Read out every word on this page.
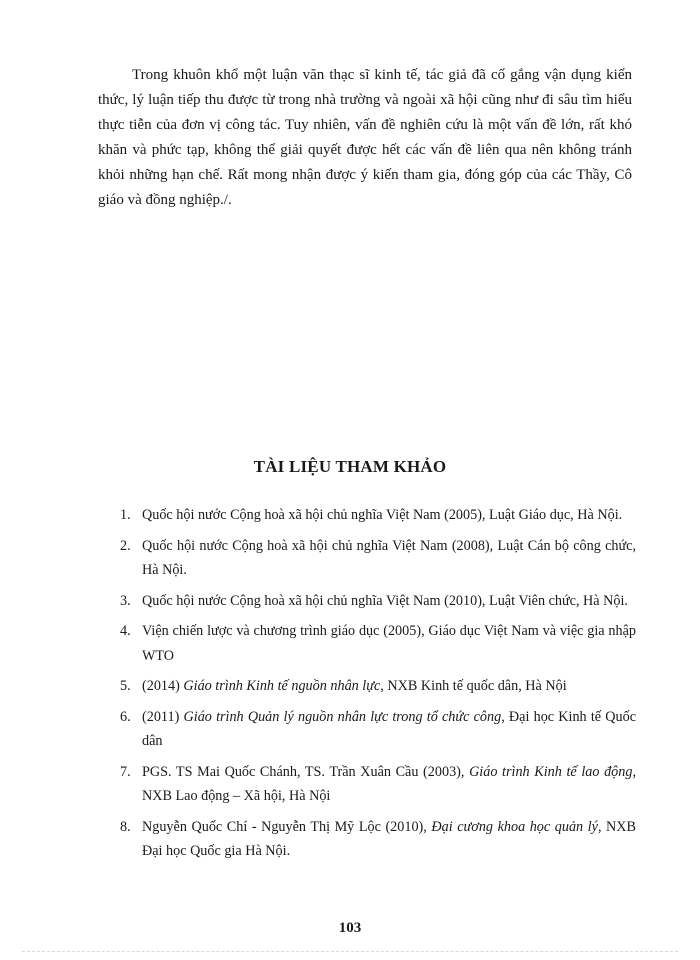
Trong khuôn khổ một luận văn thạc sĩ kinh tế, tác giả đã cố gắng vận dụng kiến thức, lý luận tiếp thu được từ trong nhà trường và ngoài xã hội cũng như đi sâu tìm hiểu thực tiễn của đơn vị công tác. Tuy nhiên, vấn đề nghiên cứu là một vấn đề lớn, rất khó khăn và phức tạp, không thể giải quyết được hết các vấn đề liên qua nên không tránh khỏi những hạn chế. Rất mong nhận được ý kiến tham gia, đóng góp của các Thầy, Cô giáo và đồng nghiệp./.

TÀI LIỆU THAM KHẢO
1. Quốc hội nước Cộng hoà xã hội chủ nghĩa Việt Nam (2005), Luật Giáo dục, Hà Nội.
2. Quốc hội nước Cộng hoà xã hội chủ nghĩa Việt Nam (2008), Luật Cán bộ công chức, Hà Nội.
3. Quốc hội nước Cộng hoà xã hội chủ nghĩa Việt Nam (2010), Luật Viên chức, Hà Nội.
4. Viện chiến lược và chương trình giáo dục (2005), Giáo dục Việt Nam và việc gia nhập WTO
5. (2014) Giáo trình Kinh tế nguồn nhân lực, NXB Kinh tế quốc dân, Hà Nội
6. (2011) Giáo trình Quản lý nguồn nhân lực trong tổ chức công, Đại học Kinh tế Quốc dân
7. PGS. TS Mai Quốc Chánh, TS. Trần Xuân Cầu (2003), Giáo trình Kinh tế lao động, NXB Lao động – Xã hội, Hà Nội
8. Nguyễn Quốc Chí - Nguyễn Thị Mỹ Lộc (2010), Đại cương khoa học quản lý, NXB Đại học Quốc gia Hà Nội.
103
